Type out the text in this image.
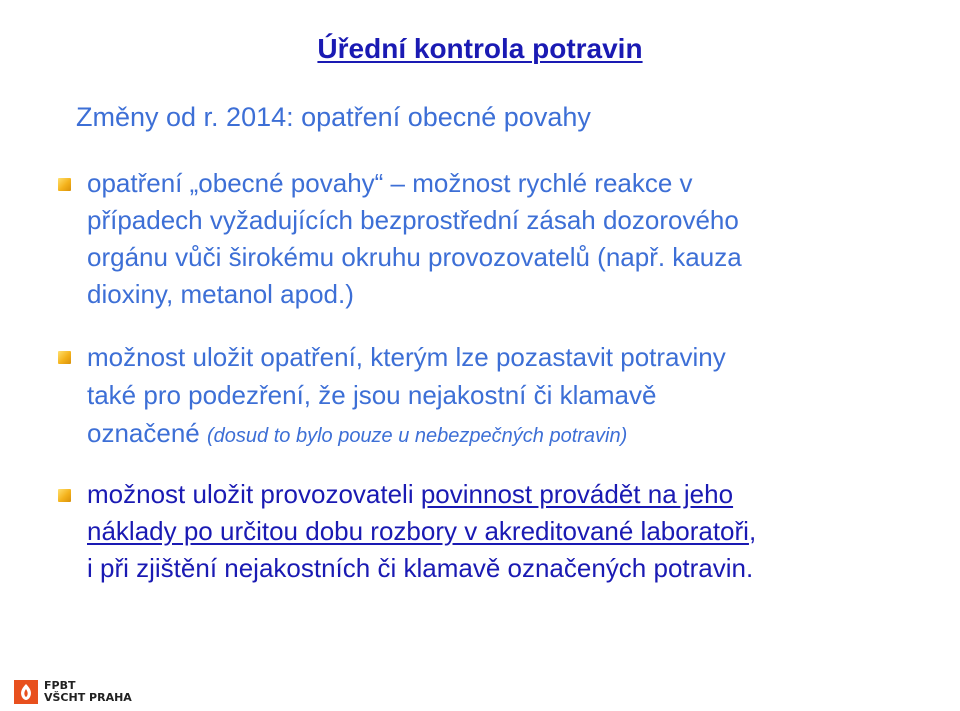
Úřední kontrola potravin
Změny od r. 2014: opatření obecné povahy
opatření „obecné povahy“ – možnost rychlé reakce v
případech vyžadujících bezprostřední zásah dozorového
orgánu vůči širokému okruhu provozovatelů (např. kauza
dioxiny, metanol apod.)
možnost uložit opatření, kterým lze pozastavit potraviny
také pro podezření, že jsou nejakostní či klamavě
označené (dosud to bylo pouze u nebezpečných potravin)
možnost uložit provozovateli povinnost provádět na jeho
náklady po určitou dobu rozbory v akreditované laboratoři,
i při zjištění nejakostních či klamavě označených potravin.
FPBT
VŠCHT PRAHA
